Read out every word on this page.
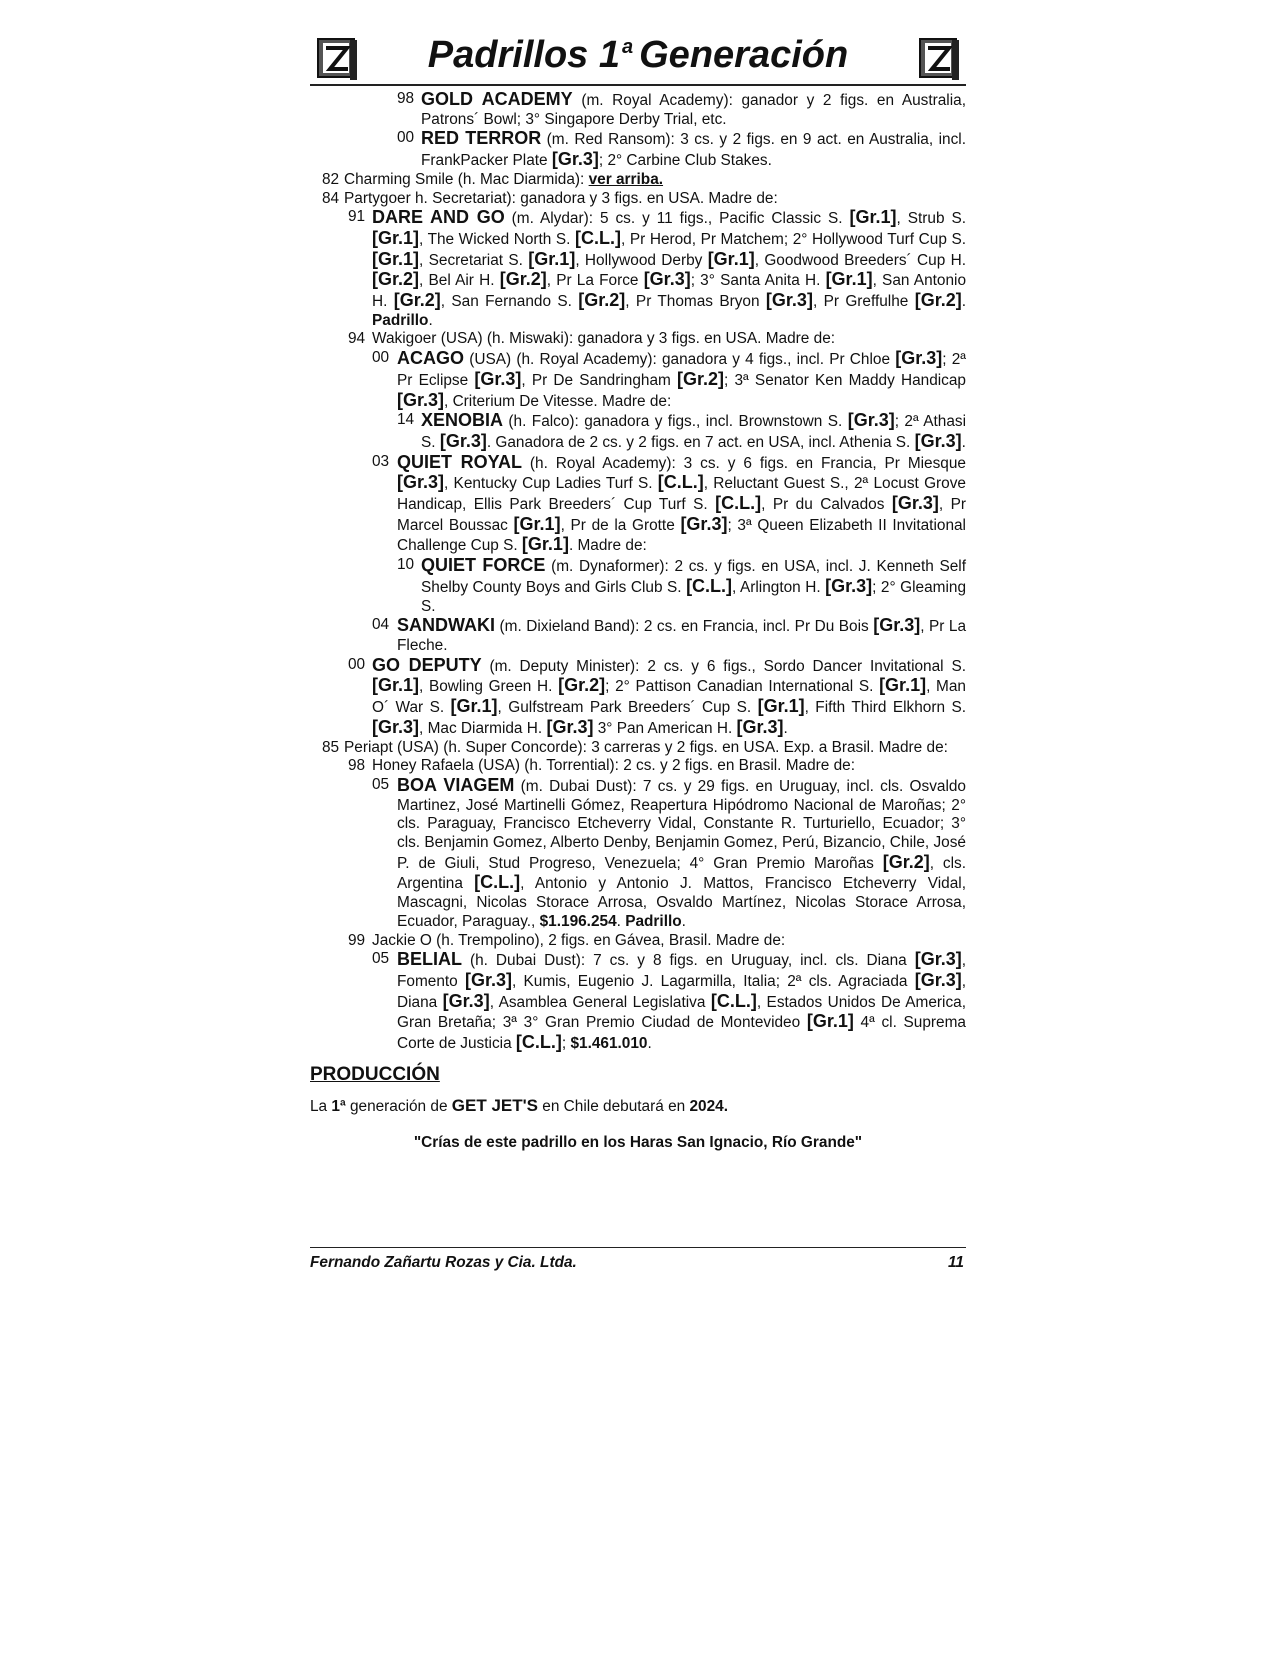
Padrillos 1 $^a$ Generación
98 GOLD ACADEMY (m. Royal Academy): ganador y 2 figs. en Australia, Patrons´ Bowl; 3° Singapore Derby Trial, etc.
00 RED TERROR (m. Red Ransom): 3 cs. y 2 figs. en 9 act. en Australia, incl. FrankPacker Plate [Gr.3]; 2° Carbine Club Stakes.
82 Charming Smile (h. Mac Diarmida): ver arriba.
84 Partygoer h. Secretariat): ganadora y 3 figs. en USA. Madre de:
91 DARE AND GO (m. Alydar): 5 cs. y 11 figs., Pacific Classic S. [Gr.1], Strub S. [Gr.1], The Wicked North S. [C.L.], Pr Herod, Pr Matchem; 2° Hollywood Turf Cup S. [Gr.1], Secretariat S. [Gr.1], Hollywood Derby [Gr.1], Goodwood Breeders´ Cup H. [Gr.2], Bel Air H. [Gr.2], Pr La Force [Gr.3]; 3° Santa Anita H. [Gr.1], San Antonio H. [Gr.2], San Fernando S. [Gr.2], Pr Thomas Bryon [Gr.3], Pr Greffulhe [Gr.2]. Padrillo.
94 Wakigoer (USA) (h. Miswaki): ganadora y 3 figs. en USA. Madre de:
00 ACAGO (USA) (h. Royal Academy): ganadora y 4 figs., incl. Pr Chloe [Gr.3]; 2ª Pr Eclipse [Gr.3], Pr De Sandringham [Gr.2]; 3ª Senator Ken Maddy Handicap [Gr.3], Criterium De Vitesse. Madre de:
14 XENOBIA (h. Falco): ganadora y figs., incl. Brownstown S. [Gr.3]; 2ª Athasi S. [Gr.3]. Ganadora de 2 cs. y 2 figs. en 7 act. en USA, incl. Athenia S. [Gr.3].
03 QUIET ROYAL (h. Royal Academy): 3 cs. y 6 figs. en Francia, Pr Miesque [Gr.3], Kentucky Cup Ladies Turf S. [C.L.], Reluctant Guest S., 2ª Locust Grove Handicap, Ellis Park Breeders´ Cup Turf S. [C.L.], Pr du Calvados [Gr.3], Pr Marcel Boussac [Gr.1], Pr de la Grotte [Gr.3]; 3ª Queen Elizabeth II Invitational Challenge Cup S. [Gr.1]. Madre de:
10 QUIET FORCE (m. Dynaformer): 2 cs. y figs. en USA, incl. J. Kenneth Self Shelby County Boys and Girls Club S. [C.L.], Arlington H. [Gr.3]; 2° Gleaming S.
04 SANDWAKI (m. Dixieland Band): 2 cs. en Francia, incl. Pr Du Bois [Gr.3], Pr La Fleche.
00 GO DEPUTY (m. Deputy Minister): 2 cs. y 6 figs., Sordo Dancer Invitational S. [Gr.1], Bowling Green H. [Gr.2]; 2° Pattison Canadian International S. [Gr.1], Man O´ War S. [Gr.1], Gulfstream Park Breeders´ Cup S. [Gr.1], Fifth Third Elkhorn S. [Gr.3], Mac Diarmida H. [Gr.3] 3° Pan American H. [Gr.3].
85 Periapt (USA) (h. Super Concorde): 3 carreras y 2 figs. en USA. Exp. a Brasil. Madre de:
98 Honey Rafaela (USA) (h. Torrential): 2 cs. y 2 figs. en Brasil. Madre de:
05 BOA VIAGEM (m. Dubai Dust): 7 cs. y 29 figs. en Uruguay, incl. cls. Osvaldo Martinez, José Martinelli Gómez, Reapertura Hipódromo Nacional de Maroñas; 2° cls. Paraguay, Francisco Etcheverry Vidal, Constante R. Turturiello, Ecuador; 3° cls. Benjamin Gomez, Alberto Denby, Benjamin Gomez, Perú, Bizancio, Chile, José P. de Giuli, Stud Progreso, Venezuela; 4° Gran Premio Maroñas [Gr.2], cls. Argentina [C.L.], Antonio y Antonio J. Mattos, Francisco Etcheverry Vidal, Mascagni, Nicolas Storace Arrosa, Osvaldo Martínez, Nicolas Storace Arrosa, Ecuador, Paraguay., $1.196.254. Padrillo.
99 Jackie O (h. Trempolino), 2 figs. en Gávea, Brasil. Madre de:
05 BELIAL (h. Dubai Dust): 7 cs. y 8 figs. en Uruguay, incl. cls. Diana [Gr.3], Fomento [Gr.3], Kumis, Eugenio J. Lagarmilla, Italia; 2ª cls. Agraciada [Gr.3], Diana [Gr.3], Asamblea General Legislativa [C.L.], Estados Unidos De America, Gran Bretaña; 3ª 3° Gran Premio Ciudad de Montevideo [Gr.1] 4ª cl. Suprema Corte de Justicia [C.L.]; $1.461.010.
PRODUCCIÓN
La 1ª generación de GET JET'S en Chile debutará en 2024.
"Crías de este padrillo en los Haras San Ignacio, Río Grande"
Fernando Zañartu Rozas y Cia. Ltda.	11
